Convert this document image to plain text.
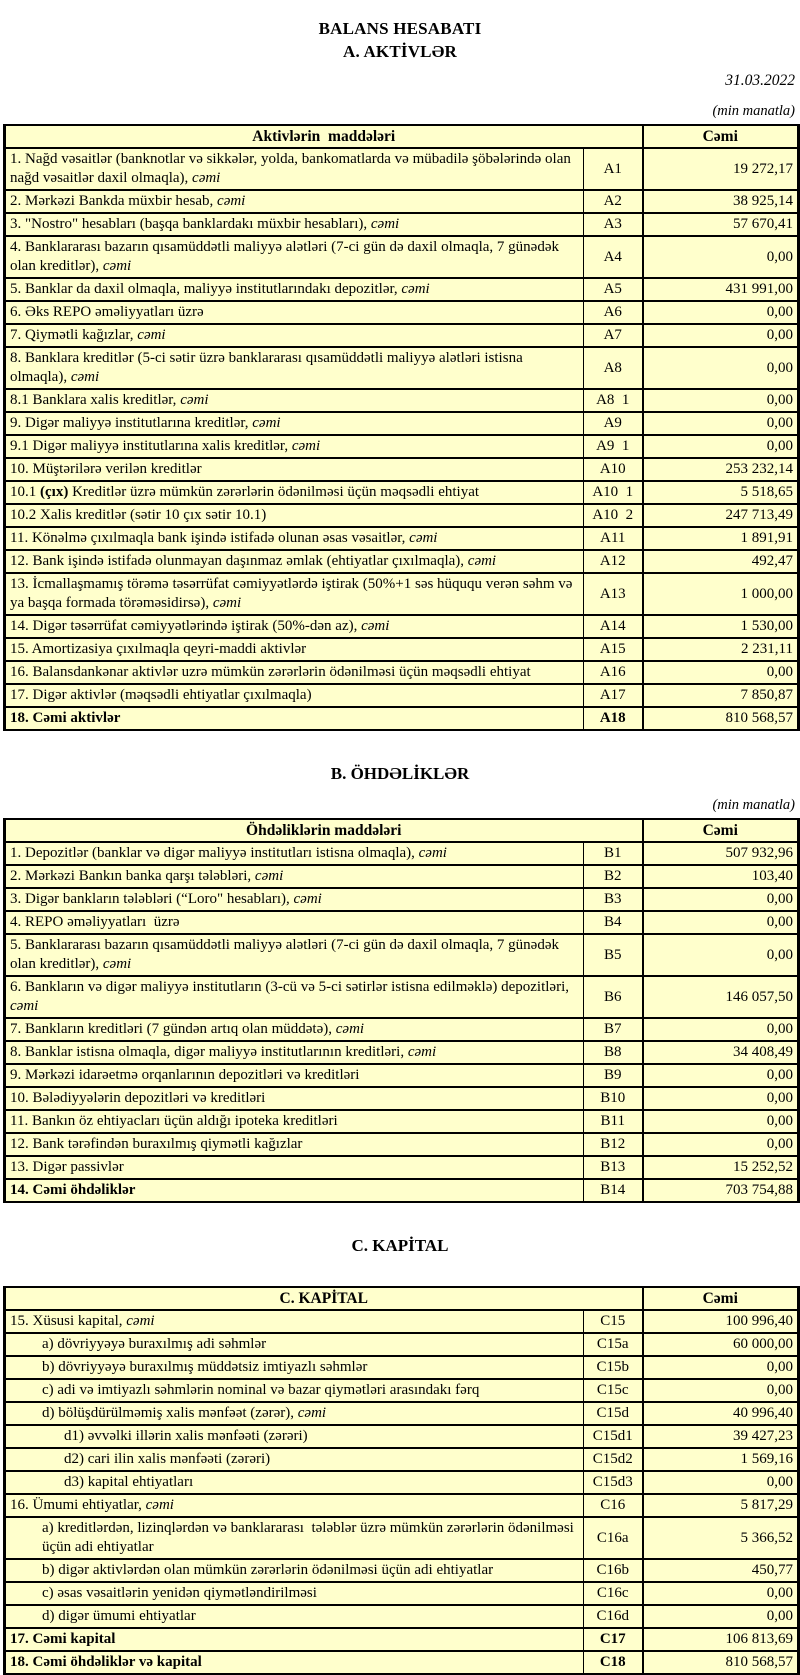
BALANS HESABATI
A. AKTİVLƏR
31.03.2022
(min manatla)
Aktivlərin  maddələri		Cəmi
1. Nağd vəsaitlər (banknotlar və sikkələr, yolda, bankomatlarda və mübadilə şöbələrində olan nağd vəsaitlər daxil olmaqla), cəmi	A1	19 272,17
2. Mərkəzi Bankda müxbir hesab, cəmi	A2	38 925,14
3. "Nostro" hesabları (başqa banklardakı müxbir hesabları), cəmi	A3	57 670,41
4. Banklararası bazarın qısamüddətli maliyyə alətləri (7-ci gün də daxil olmaqla, 7 günədək olan kreditlər), cəmi	A4	0,00
5. Banklar da daxil olmaqla, maliyyə institutlarındakı depozitlər, cəmi	A5	431 991,00
6. Əks REPO əməliyyatları üzrə	A6	0,00
7. Qiymətli kağızlar, cəmi	A7	0,00
8. Banklara kreditlər (5-ci sətir üzrə banklararası qısamüddətli maliyyə alətləri istisna olmaqla), cəmi	A8	0,00
8.1 Banklara xalis kreditlər, cəmi	A8  1	0,00
9. Digər maliyyə institutlarına kreditlər, cəmi	A9	0,00
9.1 Digər maliyyə institutlarına xalis kreditlər, cəmi	A9  1	0,00
10. Müştərilərə verilən kreditlər	A10	253 232,14
10.1 (çıx) Kreditlər üzrə mümkün zərərlərin ödənilməsi üçün məqsədli ehtiyat	A10  1	5 518,65
10.2 Xalis kreditlər (sətir 10 çıx sətir 10.1)	A10  2	247 713,49
11. Könəlmə çıxılmaqla bank işində istifadə olunan əsas vəsaitlər, cəmi	A11	1 891,91
12. Bank işində istifadə olunmayan daşınmaz əmlak (ehtiyatlar çıxılmaqla), cəmi	A12	492,47
13. İcmallaşmamış törəmə təsərrüfat cəmiyyətlərdə iştirak (50%+1 səs hüququ verən səhm və ya başqa formada törəməsidirsə), cəmi	A13	1 000,00
14. Digər təsərrüfat cəmiyyətlərində iştirak (50%-dən az), cəmi	A14	1 530,00
15. Amortizasiya çıxılmaqla qeyri-maddi aktivlər	A15	2 231,11
16. Balansdankənar aktivlər uzrə mümkün zərərlərin ödənilməsi üçün məqsədli ehtiyat	A16	0,00
17. Digər aktivlər (məqsədli ehtiyatlar çıxılmaqla)	A17	7 850,87
18. Cəmi aktivlər	A18	810 568,57
B. ÖHDƏLİKLƏR
(min manatla)
Öhdəliklərin maddələri		Cəmi
1. Depozitlər (banklar və digər maliyyə institutları istisna olmaqla), cəmi	B1	507 932,96
2. Mərkəzi Bankın banka qarşı tələbləri, cəmi	B2	103,40
3. Digər bankların tələbləri (“Loro" hesabları), cəmi	B3	0,00
4. REPO əməliyyatları  üzrə	B4	0,00
5. Banklararası bazarın qısamüddətli maliyyə alətləri (7-ci gün də daxil olmaqla, 7 günədək olan kreditlər), cəmi	B5	0,00
6. Bankların və digər maliyyə institutların (3-cü və 5-ci sətirlər istisna edilməklə) depozitləri, cəmi	B6	146 057,50
7. Bankların kreditləri (7 gündən artıq olan müddətə), cəmi	B7	0,00
8. Banklar istisna olmaqla, digər maliyyə institutlarının kreditləri, cəmi	B8	34 408,49
9. Mərkəzi idarəetmə orqanlarının depozitləri və kreditləri	B9	0,00
10. Bələdiyyələrin depozitləri və kreditləri	B10	0,00
11. Bankın öz ehtiyacları üçün aldığı ipoteka kreditləri	B11	0,00
12. Bank tərəfindən buraxılmış qiymətli kağızlar	B12	0,00
13. Digər passivlər	B13	15 252,52
14. Cəmi öhdəliklər	B14	703 754,88
C. KAPİTAL
C. KAPİTAL		Cəmi
15. Xüsusi kapital, cəmi	C15	100 996,40
a) dövriyyəyə buraxılmış adi səhmlər	C15a	60 000,00
b) dövriyyəyə buraxılmış müddətsiz imtiyazlı səhmlər	C15b	0,00
c) adi və imtiyazlı səhmlərin nominal və bazar qiymətləri arasındakı fərq	C15c	0,00
d) bölüşdürülməmiş xalis mənfəət (zərər), cəmi	C15d	40 996,40
d1) əvvəlki illərin xalis mənfəəti (zərəri)	C15d1	39 427,23
d2) cari ilin xalis mənfəəti (zərəri)	C15d2	1 569,16
d3) kapital ehtiyatları	C15d3	0,00
16. Ümumi ehtiyatlar, cəmi	C16	5 817,29
a) kreditlərdən, lizinqlərdən və banklararası  tələblər üzrə mümkün zərərlərin ödənilməsi üçün adi ehtiyatlar	C16a	5 366,52
b) digər aktivlərdən olan mümkün zərərlərin ödənilməsi üçün adi ehtiyatlar	C16b	450,77
c) əsas vəsaitlərin yenidən qiymətləndirilməsi	C16c	0,00
d) digər ümumi ehtiyatlar	C16d	0,00
17. Cəmi kapital	C17	106 813,69
18. Cəmi öhdəliklər və kapital	C18	810 568,57
